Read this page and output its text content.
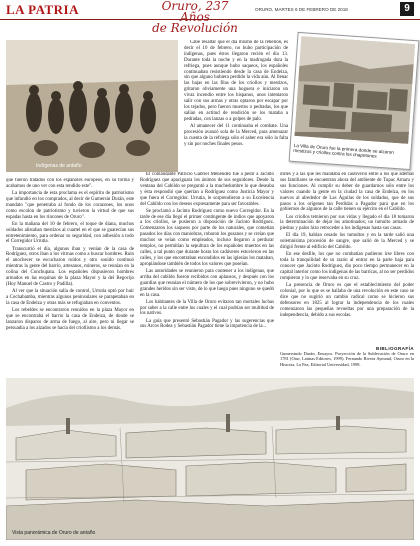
LA PATRIA	Oruro, 237 Años
de Revolución
ORURO, MARTES 6 DE FEBRERO DE 2018	9
Indígenas de antaño

Cabe resaltar que el día mismo de la rebelión, es decir el 10 de febrero, no hubo participación de indígenas, pues éstos llegaron recién el día 13. Durante toda la noche y en la madrugada dura la refriega, pues aunque hubo saqueos, los españoles continuaban resistiendo desde la casa de Endeiza, sin que alguno hubiera perdido la vida aún. Al llenar las bajas en las filas de los criollos y mestizos, gritaron obviamente una hoguera e iniciaron un vivaz incendio entre los hispanos, unos intentaron salir con sus armas y otras optaron por escapar por los tejados, pero fueron muertos o pedradas, los que salían en actitud de rendición se los mataba a pedradas, con lanzas o a golpes de palo.

Al amanecer del 11 continuaba el combate. Una procesión avanzó sola de la Merced, para amenazar la cuenta de la refriega sólo el saber era sólo la falta y sin por noches finales pesos.	La Villa de Oruro fue la primera donde se alzaron mestizos y criollos contra los chapetones

que fueron tratados con los españoles europeos, en su forma y acabamos de uno ver con esta rendido este".

La importancia de esta proclama es el espíritu de patriotismo que infundió en los comprados, al decir de Gumersin Durán, este mandato "que penetraba al fondo de los corazones, los unos como escolon de patriotismo y tuvieron la virtud de que sus espadas hasta en los rincones de Oruro".

En la mañana del 10 de febrero, el toque de diana, muchos soldados alistaban mestizos al cuartel en el que se guarecían sus entretenimiento, para ordenar su seguridad, con adhesión a todo el Corregidor Urrutia.

Transcurrió el día, algunos iban y venían de la casa de Rodríguez, otros iban a los vitrnas como a buscar hombres. Ruin el anochecer se escucharon ruidos y otro sonido continuó mientras la gente del barrio, artesanos, mineros, se reunían en la colina del Conchupata. Los españoles dispusieron hombres armados en las esquinas de la plaza Mayor y la del Regocijo (Hoy Manuel de Castro y Padilla).

Al ver que la situación salía de control, Urrutia optó por huir a Cochabamba, mientras algunos peninsulares se parapetaban en la casa de Endeiza y otras más se refugiaban en conventos.

Los rebeldes se encontraron reunidos en la plaza Mayor en que se encontraba el barrio la casa de Endeiza, de donde se lanzaron disparos de arma de fuego, al aire, pero ni llegar se persuadía a los alzados se hacía del criollismo a los demás.

El comandante Patricio Gabriel Menéndez fue a pedir a Jacinto Rodríguez que apaciguara los ánimos de sus seguidores. Desde la ventana del Cabildo se preguntó a la muchedumbre lo que deseaba y ésta respondió que querían a Rodríguez como Justicia Mayor y que fuera el Corregidor. Urrutia, le sorprendieron a su Excelencia del Cabildo con los deseos expresamente para ser favorables.

Se proclamó a Jacinto Rodríguez como nuevo Corregidor. En la tarde de ese día llegó el primer contingente de indios que apoyaron a los criollos, se pusieron a disposición de Jacinto Rodríguez. Comenzaron los saqueos por parte de los naturales, que cometían pasados los días con maniobras, robaron los gusanos y se creían que muchos se veían como empleados, incluso llegaron a perdurar templos, no permitían la sepultura de los españoles muertos en las calles, a tal punto que durante horas los cadáveres estuvieron en las calles, y los que encontraban escondidos en las iglesias los mataban, apropiándose también de todos los valores que poseían.

Las autoridades se reunieron para contener a los indígenas, que arriba del cabildo fueron recibidos con aplausos, y después con los guardias que reunían el número de los que sobrevivieron, y no hubo grandes heridos sin ser visto, de lo que luego pues ninguno se quedó en la casa.

Los habitantes de la Villa de Oruro evitaron tan mortales luchas por saber a la calle entre los cuales y el cual podrían ser multitud de los nativos.

La guía que presentó Sebastián Pagador y las sugerencias que sus Arcos Rodea y Sebastián Pagador tiene la impotencia de la...

dirles y a las que les mandaba en cautiverio entre a los que además sus familiares se encuentran ahora del ambiente de Tupac Amaru y sus funciones. Al cumplir su deber de guardarnos sólo entre los valores cuando la gente en la ciudad la casa de Endeiza, en los nuevos al alrededor de Las Águilas de los soldados, que de sus pasos a los orígenes tan Perdidas a Pagador para que en los gobiernos de algunos de la calle tienen su ejército en el Cabildo.

Los criollos temieron por sus vidas y llegado el día 18 tomaron la determinación de dejar los amotinados; un tumulto armado de piedras y palos hizo retroceder a los indígenas hasta sus casas.

El día 19, habían cesado los tumultos y en la tarde salió una solemnísima procesión de sangre, que salió de la Merced y se dirigió frente al edificio del Cabildo.

En ese desfile, los que no combatían pudieron irse libres con toda la tranquilidad de su razón al entrar en la parte baja para conocer que Jacinto Rodríguez, dio poco tiempo permanecer en la capital interior como los indígenas de las barricas, al no ser perdidos rompieron y lo que reservaba en su cruz.

La presencia de Oruro es que el establecimiento del poder colonial, por lo que es se hallaba de una revolución en este caso se dice que no sugirió un cambio radical como se hicieron sus defensores en 1825 al lograr la independencia de los cuales comenzaron las pequeñas revueltas por una preparación de la independencia, debido a sus escolas.

BIBLIOGRAFÍA
Gumersindo Durán, Ensayos. Proyección de la Sublevación de Oruro en 1781 (Orur, Latinas Editores, 1999). Fernando Rivera Aymond, Oruro en la Historia, La Paz, Editorial Universidad, 1998.
Vista panorámica de Oruro de antaño
